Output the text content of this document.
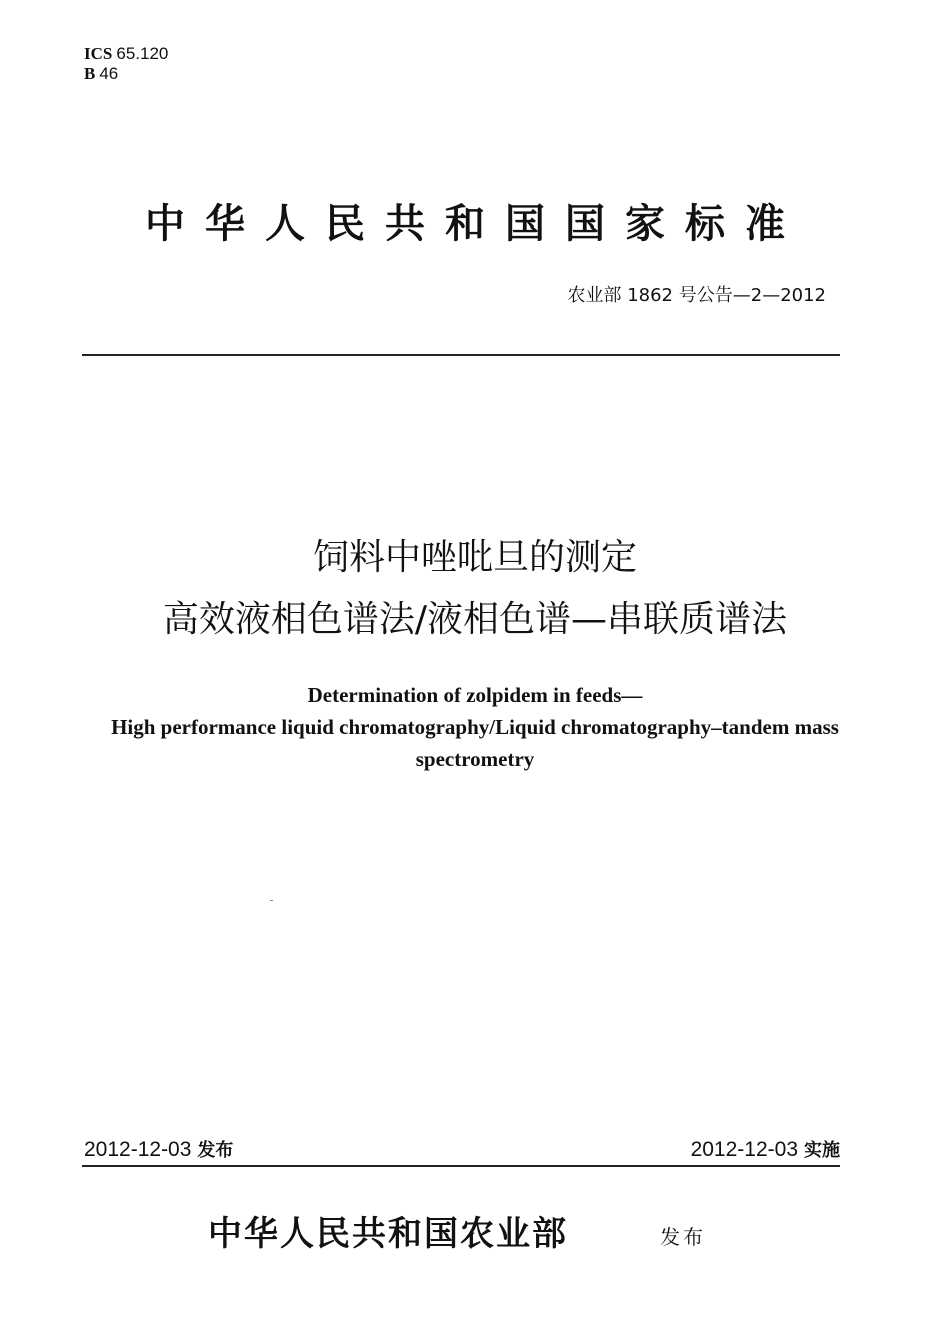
ICS 65.120
B 46
中华人民共和国国家标准
农业部 1862 号公告—2—2012
饲料中唑吡旦的测定
高效液相色谱法/液相色谱—串联质谱法
Determination of zolpidem in feeds—
High performance liquid chromatography/Liquid chromatography–tandem mass
spectrometry
2012-12-03 发布	2012-12-03 实施
中华人民共和国农业部	发布
